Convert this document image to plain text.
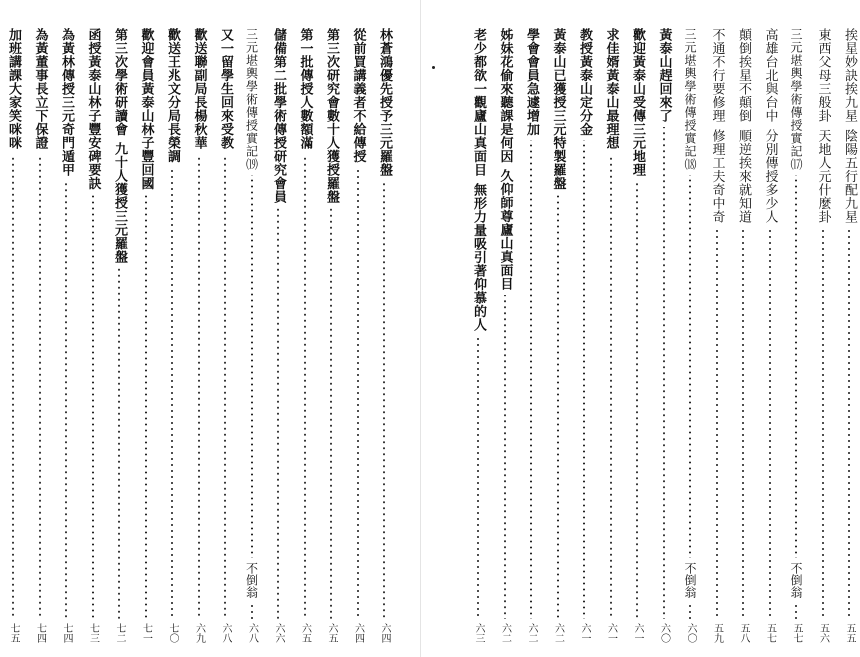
挨星妙訣挨九星
陰陽五行配九星
五五
東西父母三般卦
天地人元什麼卦
五六
三元堪輿學術傳授實記⒄
不倒翁
五七
高雄台北與台中
分別傳授多少人
五七
顛倒挨星不顛倒
順逆挨來就知道
五八
不通不行要修理
修理工夫奇中奇
五九
三元堪輿學術傳授實記⒅
不倒翁
六〇
黃泰山趕回來了
六〇
歡迎黃泰山受傳三元地理
六一
求佳婿黃泰山最理想
六一
教授黃泰山定分金
六一
黃泰山已獲授三元特製羅盤
六二
學會會員急遽增加
六二
姊妹花偷來聽課是何因
久仰師尊廬山真面目
六二
老少都欲一觀廬山真面目
無形力量吸引著仰慕的人
六三
林蒼鴻優先授予三元羅盤
六四
從前買講義者不給傳授
六四
第三次研究會數十人獲授羅盤
六五
第一批傳授人數額滿
六五
儲備第二批學術傳授研究會員
六六
三元堪輿學術傳授實記⒆
不倒翁
六八
又一留學生回來受教
六八
歡送聯副局長楊秋華
六九
歡送王兆文分局長榮調
七〇
歡迎會員黃泰山林子豐回國
七一
第三次學術研讀會
九十人獲授三元羅盤
七二
函授黃泰山林子豐安碑要訣
七三
為黃林傳授三元奇門遁甲
七四
為黃董事長立下保證
七四
加班講課大家笑咪咪
七五
